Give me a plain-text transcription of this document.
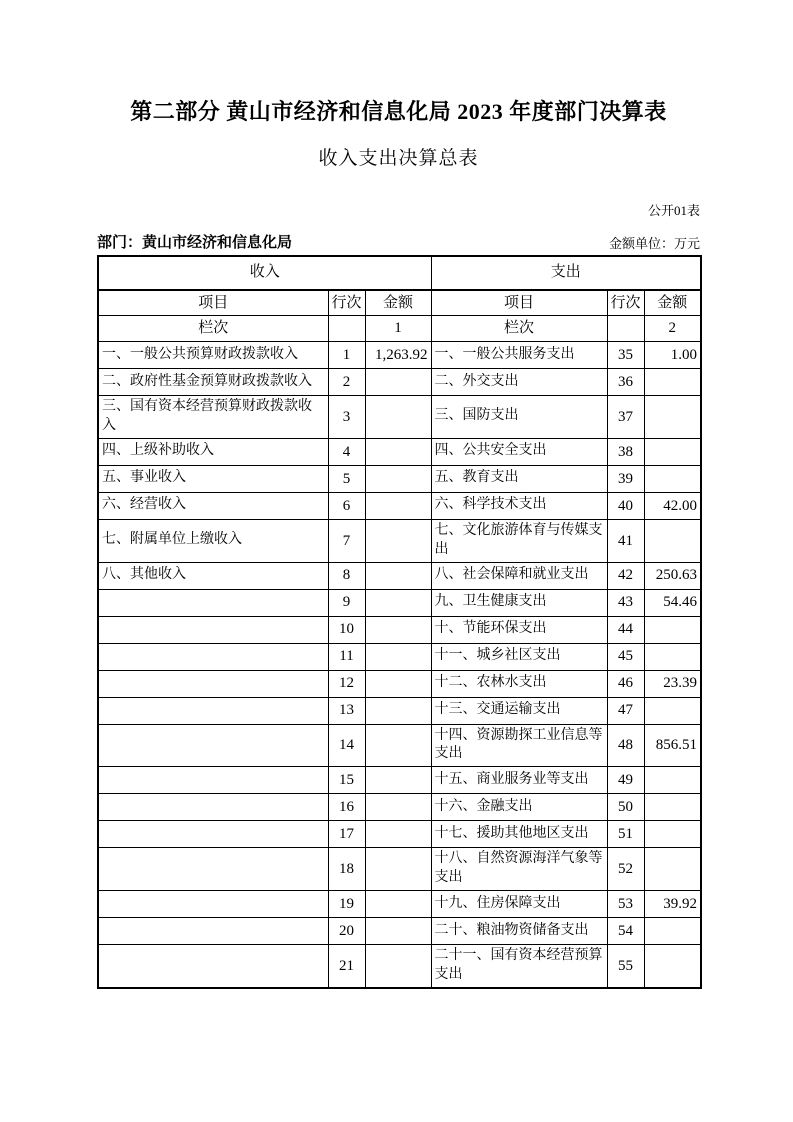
第二部分 黄山市经济和信息化局 2023 年度部门决算表
收入支出决算总表
公开01表
部门：黄山市经济和信息化局	金额单位：万元
收入			支出		
项目	行次	金额	项目	行次	金额
栏次		1	栏次		2
一、一般公共预算财政拨款收入	1	1,263.92	一、一般公共服务支出	35	1.00
二、政府性基金预算财政拨款收入	2		二、外交支出	36	
三、国有资本经营预算财政拨款收入	3		三、国防支出	37	
四、上级补助收入	4		四、公共安全支出	38	
五、事业收入	5		五、教育支出	39	
六、经营收入	6		六、科学技术支出	40	42.00
七、附属单位上缴收入	7		七、文化旅游体育与传媒支出	41	
八、其他收入	8		八、社会保障和就业支出	42	250.63
	9		九、卫生健康支出	43	54.46
	10		十、节能环保支出	44	
	11		十一、城乡社区支出	45	
	12		十二、农林水支出	46	23.39
	13		十三、交通运输支出	47	
	14		十四、资源勘探工业信息等支出	48	856.51
	15		十五、商业服务业等支出	49	
	16		十六、金融支出	50	
	17		十七、援助其他地区支出	51	
	18		十八、自然资源海洋气象等支出	52	
	19		十九、住房保障支出	53	39.92
	20		二十、粮油物资储备支出	54	
	21		二十一、国有资本经营预算支出	55	
